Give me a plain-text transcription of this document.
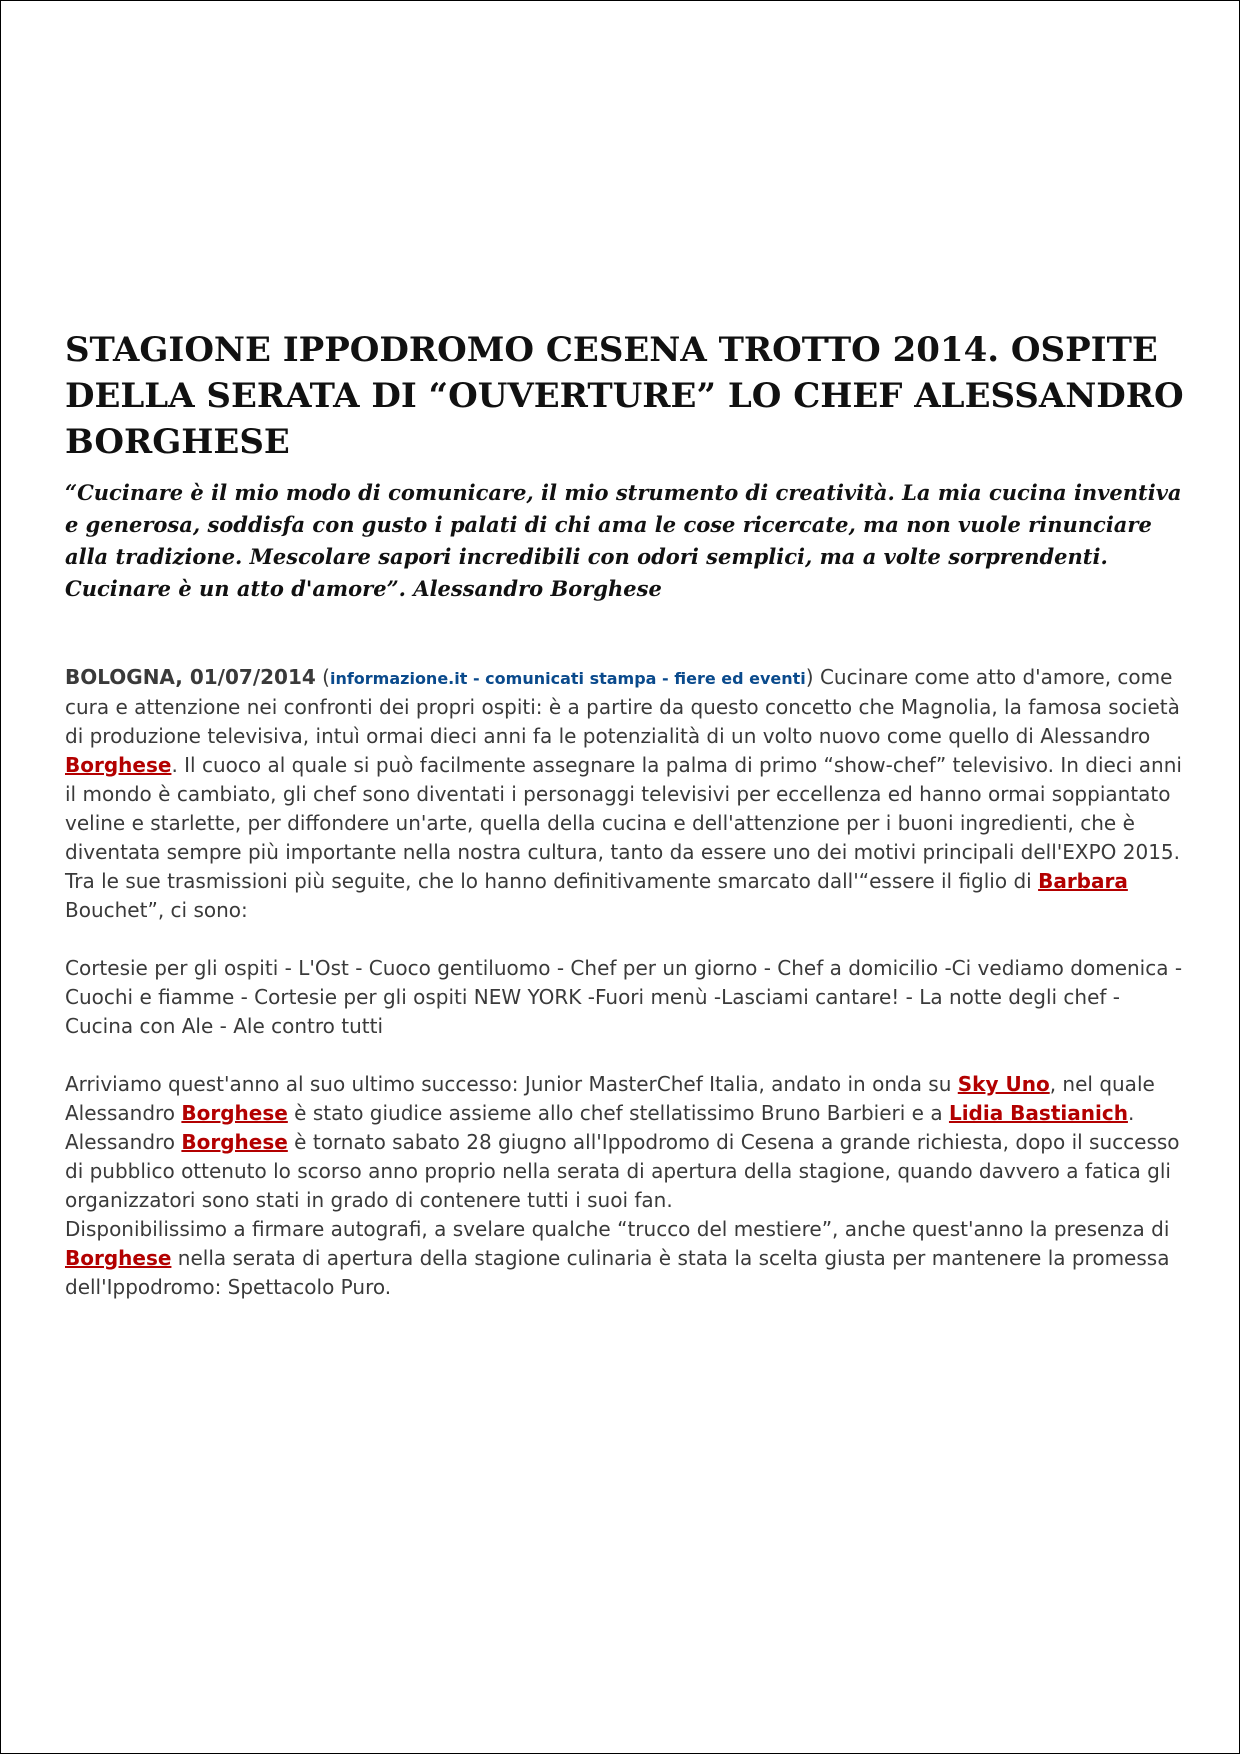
STAGIONE IPPODROMO CESENA TROTTO 2014. OSPITE DELLA SERATA DI “OUVERTURE” LO CHEF ALESSANDRO BORGHESE

“Cucinare è il mio modo di comunicare, il mio strumento di creatività. La mia cucina inventiva e generosa, soddisfa con gusto i palati di chi ama le cose ricercate, ma non vuole rinunciare alla tradizione. Mescolare sapori incredibili con odori semplici, ma a volte sorprendenti. Cucinare è un atto d'amore”. Alessandro Borghese

BOLOGNA, 01/07/2014 (informazione.it - comunicati stampa - fiere ed eventi) Cucinare come atto d'amore, come cura e attenzione nei confronti dei propri ospiti: è a partire da questo concetto che Magnolia, la famosa società di produzione televisiva, intuì ormai dieci anni fa le potenzialità di un volto nuovo come quello di Alessandro Borghese. Il cuoco al quale si può facilmente assegnare la palma di primo “show-chef” televisivo. In dieci anni il mondo è cambiato, gli chef sono diventati i personaggi televisivi per eccellenza ed hanno ormai soppiantato veline e starlette, per diffondere un'arte, quella della cucina e dell'attenzione per i buoni ingredienti, che è diventata sempre più importante nella nostra cultura, tanto da essere uno dei motivi principali dell'EXPO 2015.

Tra le sue trasmissioni più seguite, che lo hanno definitivamente smarcato dall'“essere il figlio di Barbara Bouchet”, ci sono:

Cortesie per gli ospiti - L'Ost - Cuoco gentiluomo - Chef per un giorno - Chef a domicilio -Ci vediamo domenica - Cuochi e fiamme - Cortesie per gli ospiti NEW YORK -Fuori menù -Lasciami cantare! - La notte degli chef - Cucina con Ale - Ale contro tutti

Arriviamo quest'anno al suo ultimo successo: Junior MasterChef Italia, andato in onda su Sky Uno, nel quale Alessandro Borghese è stato giudice assieme allo chef stellatissimo Bruno Barbieri e a Lidia Bastianich.

Alessandro Borghese è tornato sabato 28 giugno all'Ippodromo di Cesena a grande richiesta, dopo il successo di pubblico ottenuto lo scorso anno proprio nella serata di apertura della stagione, quando davvero a fatica gli organizzatori sono stati in grado di contenere tutti i suoi fan.

Disponibilissimo a firmare autografi, a svelare qualche “trucco del mestiere”, anche quest'anno la presenza di Borghese nella serata di apertura della stagione culinaria è stata la scelta giusta per mantenere la promessa dell'Ippodromo: Spettacolo Puro.
